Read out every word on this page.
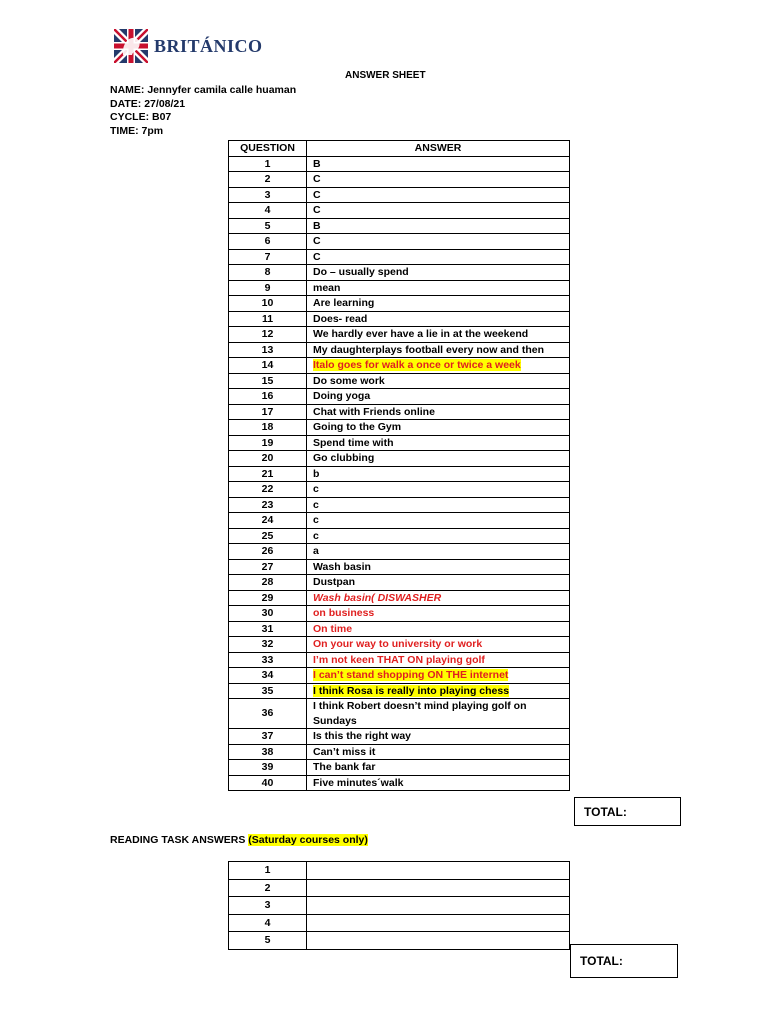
BRITÁNICO
ANSWER SHEET
NAME: Jennyfer camila calle huaman
DATE: 27/08/21
CYCLE: B07
TIME: 7pm
QUESTION	ANSWER
1	B
2	C
3	C
4	C
5	B
6	C
7	C
8	Do – usually spend
9	mean
10	Are learning
11	Does- read
12	We hardly ever have a lie in at the weekend
13	My daughterplays football every now and then
14	Italo goes for walk a once or twice a week
15	Do some work
16	Doing yoga
17	Chat with Friends online
18	Going to the Gym
19	Spend time with
20	Go clubbing
21	b
22	c
23	c
24	c
25	c
26	a
27	Wash basin
28	Dustpan
29	Wash basin( DISWASHER
30	on business
31	On time
32	On your way to university or work
33	I’m not keen THAT ON playing golf
34	I can’t stand shopping ON THE internet
35	I think Rosa is really into playing chess
36	I think Robert doesn’t mind playing golf on Sundays
37	Is this the right way
38	Can’t miss it
39	The bank far
40	Five minutes´walk
TOTAL:
READING TASK ANSWERS (Saturday courses only)
1	
2	
3	
4	
5	
TOTAL:
